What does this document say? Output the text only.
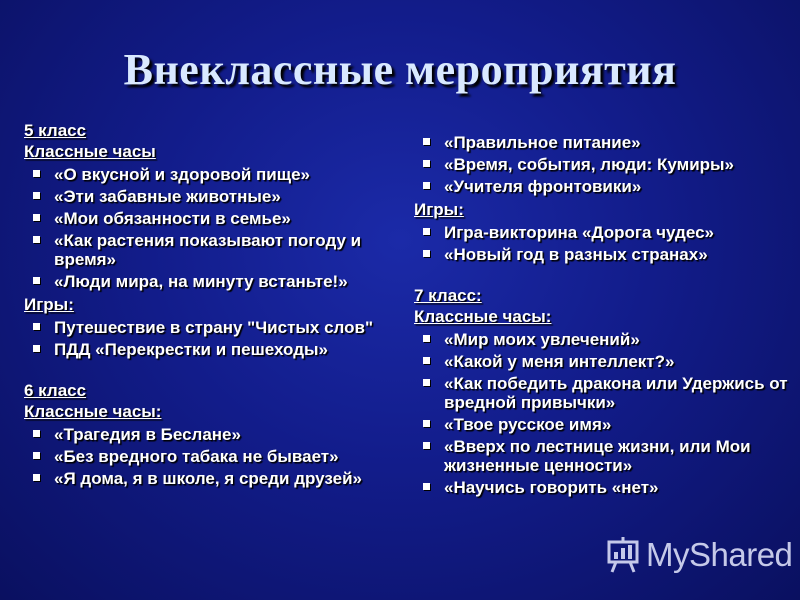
Внеклассные мероприятия

5 класс

Классные часы

«О вкусной и здоровой пище»
«Эти забавные животные»
«Мои обязанности в семье»
«Как растения показывают погоду и время»
«Люди мира, на минуту встаньте!»

Игры:

Путешествие в страну "Чистых слов"
ПДД «Перекрестки и пешеходы»

6 класс

Классные часы:

«Трагедия в Беслане»
«Без вредного табака не бывает»
«Я дома, я в школе, я среди друзей»
«Правильное питание»
«Время, события, люди: Кумиры»
«Учителя фронтовики»

Игры:

Игра-викторина «Дорога чудес»
«Новый год в разных странах»

7 класс:

Классные часы:

«Мир моих увлечений»
«Какой у меня интеллект?»
«Как победить дракона или Удержись от вредной привычки»
«Твое русское имя»
«Вверх по лестнице жизни, или Мои жизненные ценности»
«Научись говорить «нет»
MyShared
